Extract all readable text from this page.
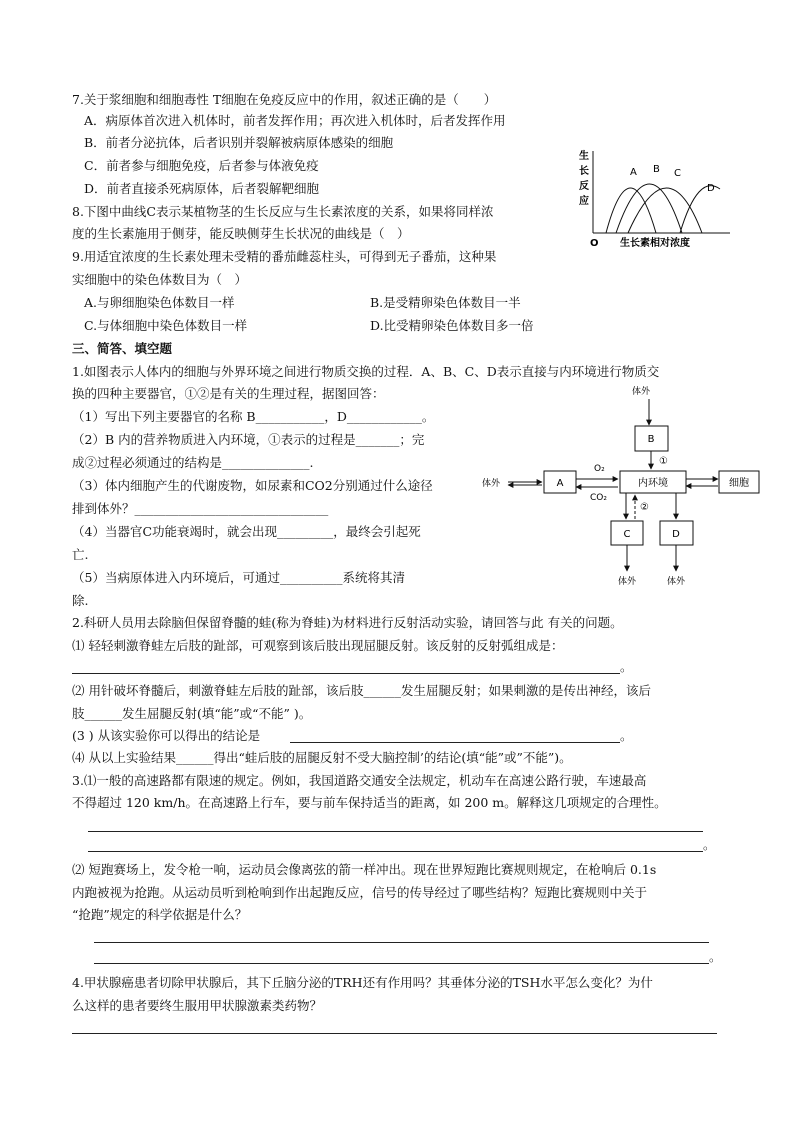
7.关于浆细胞和细胞毒性 T细胞在免疫反应中的作用，叙述正确的是（　　）
A．病原体首次进入机体时，前者发挥作用；再次进入机体时，后者发挥作用
B．前者分泌抗体，后者识别并裂解被病原体感染的细胞
C．前者参与细胞免疫，后者参与体液免疫
D．前者直接杀死病原体，后者裂解靶细胞
8.下图中曲线C表示某植物茎的生长反应与生长素浓度的关系，如果将同样浓
度的生长素施用于侧芽，能反映侧芽生长状况的曲线是（　）
9.用适宜浓度的生长素处理未受精的番茄雌蕊柱头，可得到无子番茄，这种果
实细胞中的染色体数目为（　）
A.与卵细胞染色体数目一样	B.是受精卵染色体数目一半
C.与体细胞中染色体数目一样	D.比受精卵染色体数目多一倍
生
长
反
应
O 生长素相对浓度
A B C
D
三、简答、填空题
1.如图表示人体内的细胞与外界环境之间进行物质交换的过程．A、B、C、D表示直接与内环境进行物质交
换的四种主要器官，①②是有关的生理过程，据图回答：
（1）写出下列主要器官的名称 B___________，D____________。
（2）B 内的营养物质进入内环境，①表示的过程是_______；完
成②过程必须通过的结构是______________.
（3）体内细胞产生的代谢废物，如尿素和CO2分别通过什么途径
排到体外？_______________________________
（4）当器官C功能衰竭时，就会出现_________，最终会引起死
亡.
（5）当病原体进入内环境后，可通过__________系统将其清
除.
体外
B
①
内环境
体外	A
O₂
CO₂
细胞
②
C	D
体外	体外
2.科研人员用去除脑但保留脊髓的蛙(称为脊蛙)为材料进行反射活动实验，请回答与此 有关的问题。
⑴ 轻轻刺激脊蛙左后肢的趾部，可观察到该后肢出现屈腿反射。该反射的反射弧组成是：
。
⑵ 用针破坏脊髓后，刺激脊蛙左后肢的趾部，该后肢______发生屈腿反射；如果刺激的是传出神经，该后
肢______发生屈腿反射(填“能”或“不能” )。
(3 ) 从该实验你可以得出的结论是	。
⑷ 从以上实验结果______得出“蛙后肢的屈腿反射不受大脑控制’的结论(填“能”或”不能”)。
3.⑴一般的高速路都有限速的规定。例如，我国道路交通安全法规定，机动车在高速公路行驶，车速最高
不得超过 120 km/h。在高速路上行车，要与前车保持适当的距离，如 200 m。解释这几项规定的合理性。
。
⑵ 短跑赛场上，发令枪一响，运动员会像离弦的箭一样冲出。现在世界短跑比赛规则规定，在枪响后 0.1s
内跑被视为抢跑。从运动员听到枪响到作出起跑反应，信号的传导经过了哪些结构？短跑比赛规则中关于
“抢跑”规定的科学依据是什么？
。
4.甲状腺癌患者切除甲状腺后，其下丘脑分泌的TRH还有作用吗？其垂体分泌的TSH水平怎么变化？为什
么这样的患者要终生服用甲状腺激素类药物？
